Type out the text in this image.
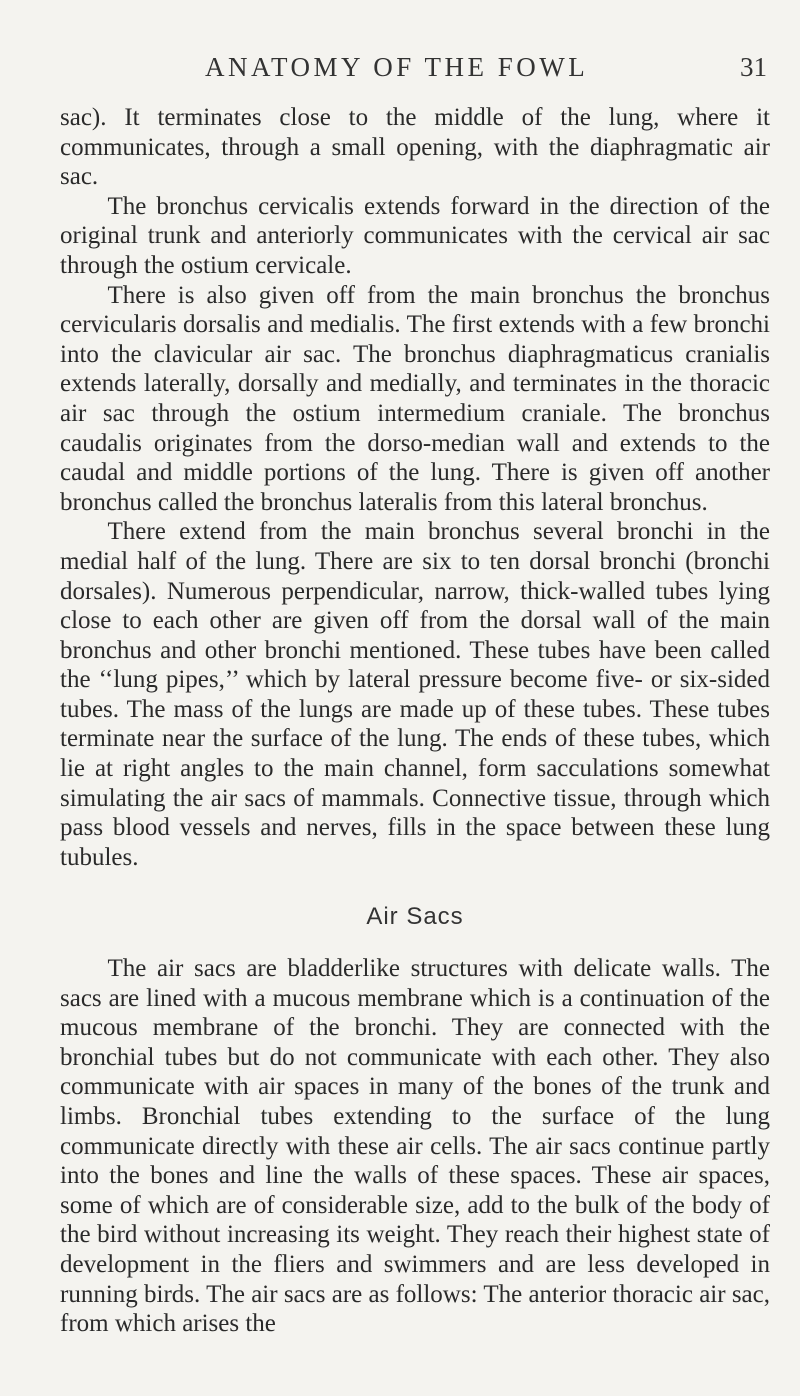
ANATOMY OF THE FOWL	31

sac). It terminates close to the middle of the lung, where it communicates, through a small opening, with the diaphragmatic air sac.

The bronchus cervicalis extends forward in the direction of the original trunk and anteriorly communicates with the cervical air sac through the ostium cervicale.

There is also given off from the main bronchus the bronchus cervicularis dorsalis and medialis. The first extends with a few bronchi into the clavicular air sac. The bronchus diaphragmaticus cranialis extends laterally, dorsally and medially, and terminates in the thoracic air sac through the ostium intermedium craniale. The bronchus caudalis originates from the dorso-median wall and extends to the caudal and middle portions of the lung. There is given off another bronchus called the bronchus lateralis from this lateral bronchus.

There extend from the main bronchus several bronchi in the medial half of the lung. There are six to ten dorsal bronchi (bronchi dorsales). Numerous perpendicular, narrow, thick-walled tubes lying close to each other are given off from the dorsal wall of the main bronchus and other bronchi mentioned. These tubes have been called the ‘‘lung pipes,’’ which by lateral pressure become five- or six-sided tubes. The mass of the lungs are made up of these tubes. These tubes terminate near the surface of the lung. The ends of these tubes, which lie at right angles to the main channel, form sacculations somewhat simulating the air sacs of mammals. Connective tissue, through which pass blood vessels and nerves, fills in the space between these lung tubules.

Air Sacs

The air sacs are bladderlike structures with delicate walls. The sacs are lined with a mucous membrane which is a continuation of the mucous membrane of the bronchi. They are connected with the bronchial tubes but do not communicate with each other. They also communicate with air spaces in many of the bones of the trunk and limbs. Bronchial tubes extending to the surface of the lung communicate directly with these air cells. The air sacs continue partly into the bones and line the walls of these spaces. These air spaces, some of which are of considerable size, add to the bulk of the body of the bird without increasing its weight. They reach their highest state of development in the fliers and swimmers and are less developed in running birds. The air sacs are as follows: The anterior thoracic air sac, from which arises the
